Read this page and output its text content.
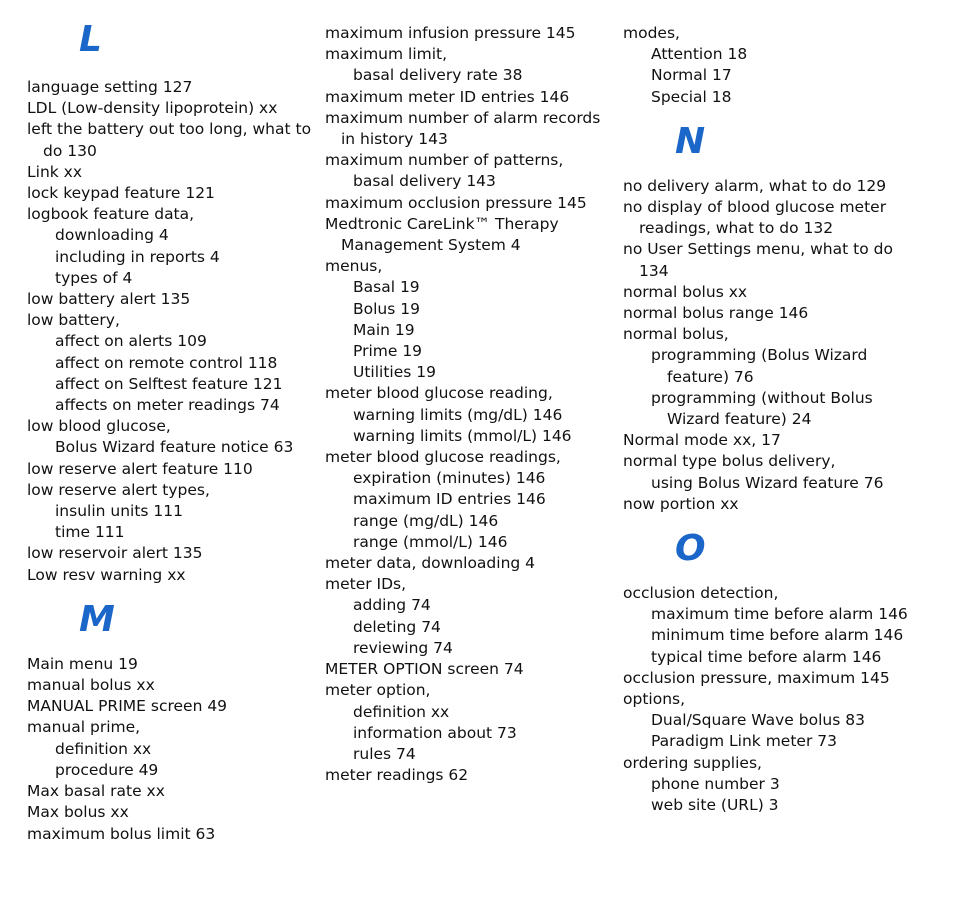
L
language setting 127
LDL (Low-density lipoprotein) xx
left the battery out too long, what to do 130
Link xx
lock keypad feature 121
logbook feature data,
downloading 4
including in reports 4
types of 4
low battery alert 135
low battery,
affect on alerts 109
affect on remote control 118
affect on Selftest feature 121
affects on meter readings 74
low blood glucose,
Bolus Wizard feature notice 63
low reserve alert feature 110
low reserve alert types,
insulin units 111
time 111
low reservoir alert 135
Low resv warning xx
M
Main menu 19
manual bolus xx
MANUAL PRIME screen 49
manual prime,
definition xx
procedure 49
Max basal rate xx
Max bolus xx
maximum bolus limit 63
maximum infusion pressure 145
maximum limit,
basal delivery rate 38
maximum meter ID entries 146
maximum number of alarm records in history 143
maximum number of patterns,
basal delivery 143
maximum occlusion pressure 145
Medtronic CareLink™ Therapy Management System 4
menus,
Basal 19
Bolus 19
Main 19
Prime 19
Utilities 19
meter blood glucose reading,
warning limits (mg/dL) 146
warning limits (mmol/L) 146
meter blood glucose readings,
expiration (minutes) 146
maximum ID entries 146
range (mg/dL) 146
range (mmol/L) 146
meter data, downloading 4
meter IDs,
adding 74
deleting 74
reviewing 74
METER OPTION screen 74
meter option,
definition xx
information about 73
rules 74
meter readings 62
modes,
Attention 18
Normal 17
Special 18
N
no delivery alarm, what to do 129
no display of blood glucose meter readings, what to do 132
no User Settings menu, what to do 134
normal bolus xx
normal bolus range 146
normal bolus,
programming (Bolus Wizard feature) 76
programming (without Bolus Wizard feature) 24
Normal mode xx, 17
normal type bolus delivery,
using Bolus Wizard feature 76
now portion xx
O
occlusion detection,
maximum time before alarm 146
minimum time before alarm 146
typical time before alarm 146
occlusion pressure, maximum 145
options,
Dual/Square Wave bolus 83
Paradigm Link meter 73
ordering supplies,
phone number 3
web site (URL) 3
